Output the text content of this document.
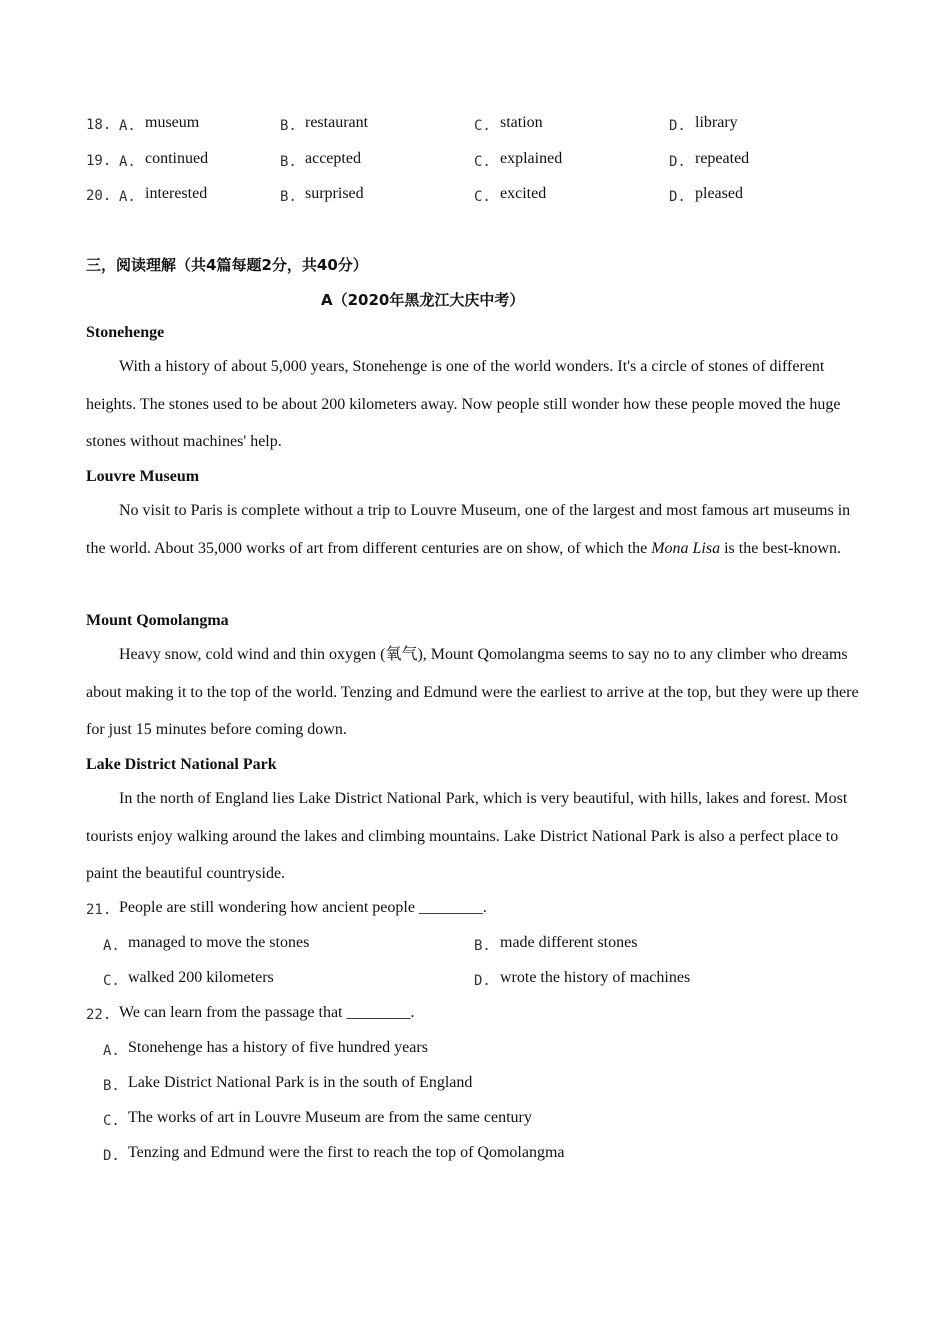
18. A. museum	B. restaurant	C. station	D. library
19. A. continued	B. accepted	C. explained	D. repeated
20. A. interested	B. surprised	C. excited	D. pleased
三，阅读理解（共4篇每题2分，共40分）
A（2020年黑龙江大庆中考）
Stonehenge
With a history of about 5,000 years, Stonehenge is one of the world wonders. It's a circle of stones of different heights. The stones used to be about 200 kilometers away. Now people still wonder how these people moved the huge stones without machines' help.
Louvre Museum
No visit to Paris is complete without a trip to Louvre Museum, one of the largest and most famous art museums in the world. About 35,000 works of art from different centuries are on show, of which the Mona Lisa is the best-known.
Mount Qomolangma
Heavy snow, cold wind and thin oxygen (氧气), Mount Qomolangma seems to say no to any climber who dreams about making it to the top of the world. Tenzing and Edmund were the earliest to arrive at the top, but they were up there for just 15 minutes before coming down.
Lake District National Park
In the north of England lies Lake District National Park, which is very beautiful, with hills, lakes and forest. Most tourists enjoy walking around the lakes and climbing mountains. Lake District National Park is also a perfect place to paint the beautiful countryside.
21. People are still wondering how ancient people ________.
A. managed to move the stones	B. made different stones
C. walked 200 kilometers	D. wrote the history of machines
22. We can learn from the passage that ________.
A. Stonehenge has a history of five hundred years
B. Lake District National Park is in the south of England
C. The works of art in Louvre Museum are from the same century
D. Tenzing and Edmund were the first to reach the top of Qomolangma
